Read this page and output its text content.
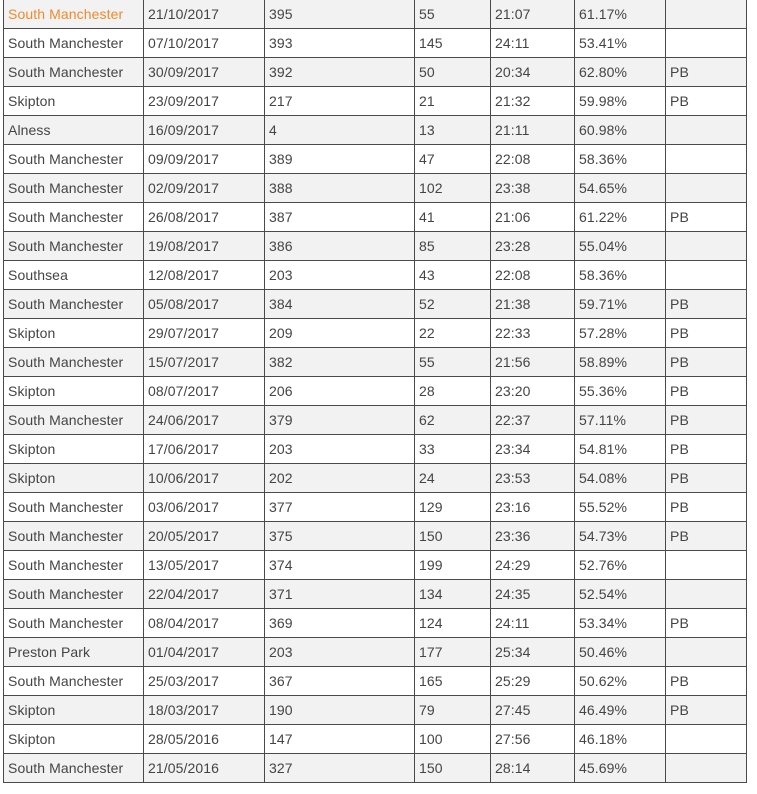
South Manchester	21/10/2017	395	55	21:07	61.17%	
South Manchester	07/10/2017	393	145	24:11	53.41%	
South Manchester	30/09/2017	392	50	20:34	62.80%	PB
Skipton	23/09/2017	217	21	21:32	59.98%	PB
Alness	16/09/2017	4	13	21:11	60.98%	
South Manchester	09/09/2017	389	47	22:08	58.36%	
South Manchester	02/09/2017	388	102	23:38	54.65%	
South Manchester	26/08/2017	387	41	21:06	61.22%	PB
South Manchester	19/08/2017	386	85	23:28	55.04%	
Southsea	12/08/2017	203	43	22:08	58.36%	
South Manchester	05/08/2017	384	52	21:38	59.71%	PB
Skipton	29/07/2017	209	22	22:33	57.28%	PB
South Manchester	15/07/2017	382	55	21:56	58.89%	PB
Skipton	08/07/2017	206	28	23:20	55.36%	PB
South Manchester	24/06/2017	379	62	22:37	57.11%	PB
Skipton	17/06/2017	203	33	23:34	54.81%	PB
Skipton	10/06/2017	202	24	23:53	54.08%	PB
South Manchester	03/06/2017	377	129	23:16	55.52%	PB
South Manchester	20/05/2017	375	150	23:36	54.73%	PB
South Manchester	13/05/2017	374	199	24:29	52.76%	
South Manchester	22/04/2017	371	134	24:35	52.54%	
South Manchester	08/04/2017	369	124	24:11	53.34%	PB
Preston Park	01/04/2017	203	177	25:34	50.46%	
South Manchester	25/03/2017	367	165	25:29	50.62%	PB
Skipton	18/03/2017	190	79	27:45	46.49%	PB
Skipton	28/05/2016	147	100	27:56	46.18%	
South Manchester	21/05/2016	327	150	28:14	45.69%	
